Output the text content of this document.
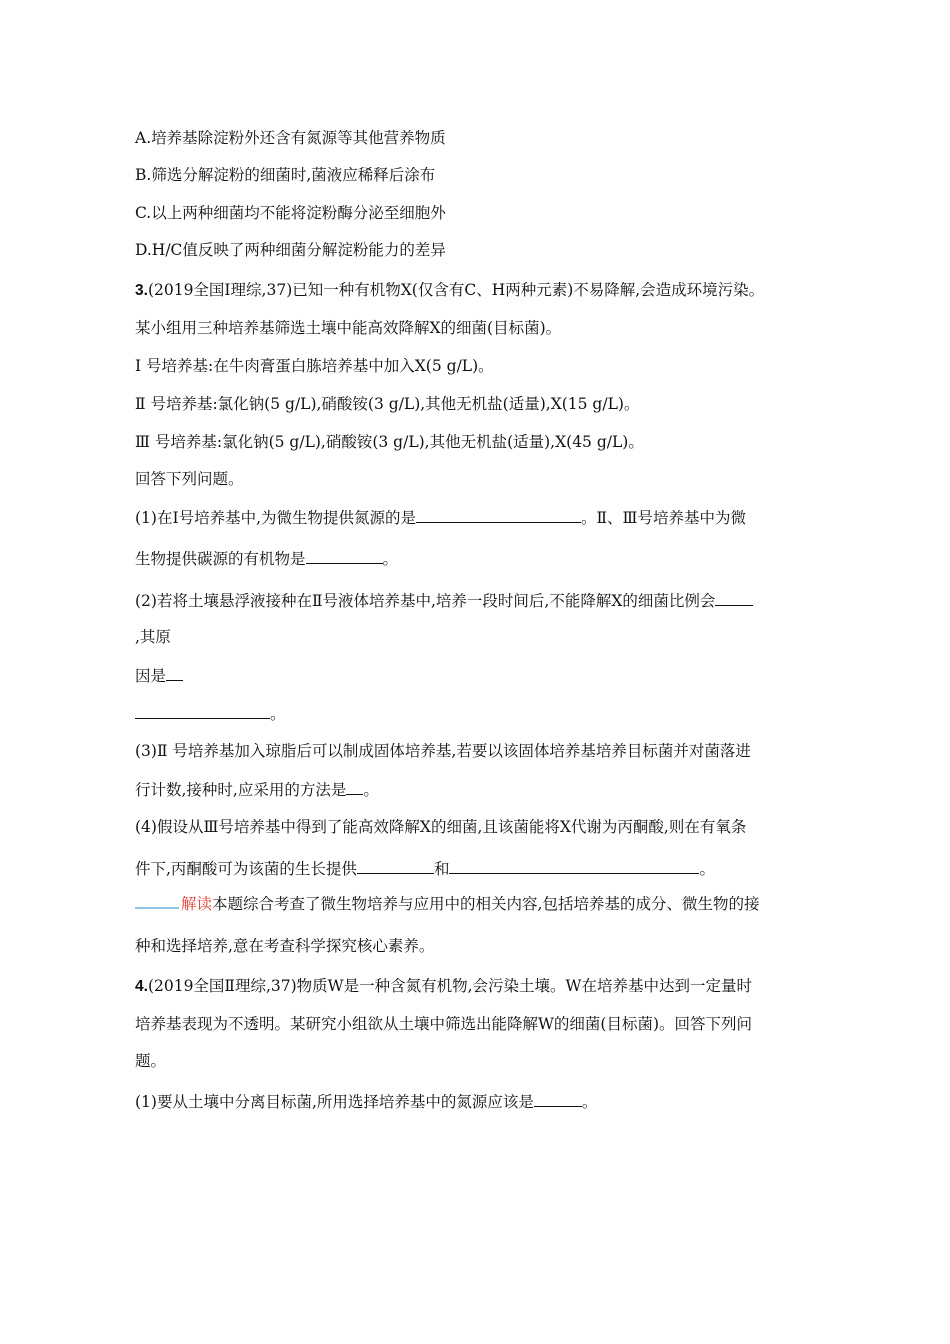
A.培养基除淀粉外还含有氮源等其他营养物质
B.筛选分解淀粉的细菌时,菌液应稀释后涂布
C.以上两种细菌均不能将淀粉酶分泌至细胞外
D.H/C值反映了两种细菌分解淀粉能力的差异
3.(2019全国Ⅰ理综,37)已知一种有机物X(仅含有C、H两种元素)不易降解,会造成环境污染。
某小组用三种培养基筛选土壤中能高效降解X的细菌(目标菌)。
Ⅰ 号培养基:在牛肉膏蛋白胨培养基中加入X(5 g/L)。
Ⅱ 号培养基:氯化钠(5 g/L),硝酸铵(3 g/L),其他无机盐(适量),X(15 g/L)。
Ⅲ 号培养基:氯化钠(5 g/L),硝酸铵(3 g/L),其他无机盐(适量),X(45 g/L)。
回答下列问题。
(1)在Ⅰ号培养基中,为微生物提供氮源的是	。Ⅱ、Ⅲ号培养基中为微
生物提供碳源的有机物是	。
(2)若将土壤悬浮液接种在Ⅱ号液体培养基中,培养一段时间后,不能降解X的细菌比例会
,其原
因是
。
(3)Ⅱ 号培养基加入琼脂后可以制成固体培养基,若要以该固体培养基培养目标菌并对菌落进
行计数,接种时,应采用的方法是 。
(4)假设从Ⅲ号培养基中得到了能高效降解X的细菌,且该菌能将X代谢为丙酮酸,则在有氧条
件下,丙酮酸可为该菌的生长提供	和	。
解读本题综合考查了微生物培养与应用中的相关内容,包括培养基的成分、微生物的接
种和选择培养,意在考查科学探究核心素养。
4.(2019全国Ⅱ理综,37)物质W是一种含氮有机物,会污染土壤。W在培养基中达到一定量时
培养基表现为不透明。某研究小组欲从土壤中筛选出能降解W的细菌(目标菌)。回答下列问
题。
(1)要从土壤中分离目标菌,所用选择培养基中的氮源应该是	。
